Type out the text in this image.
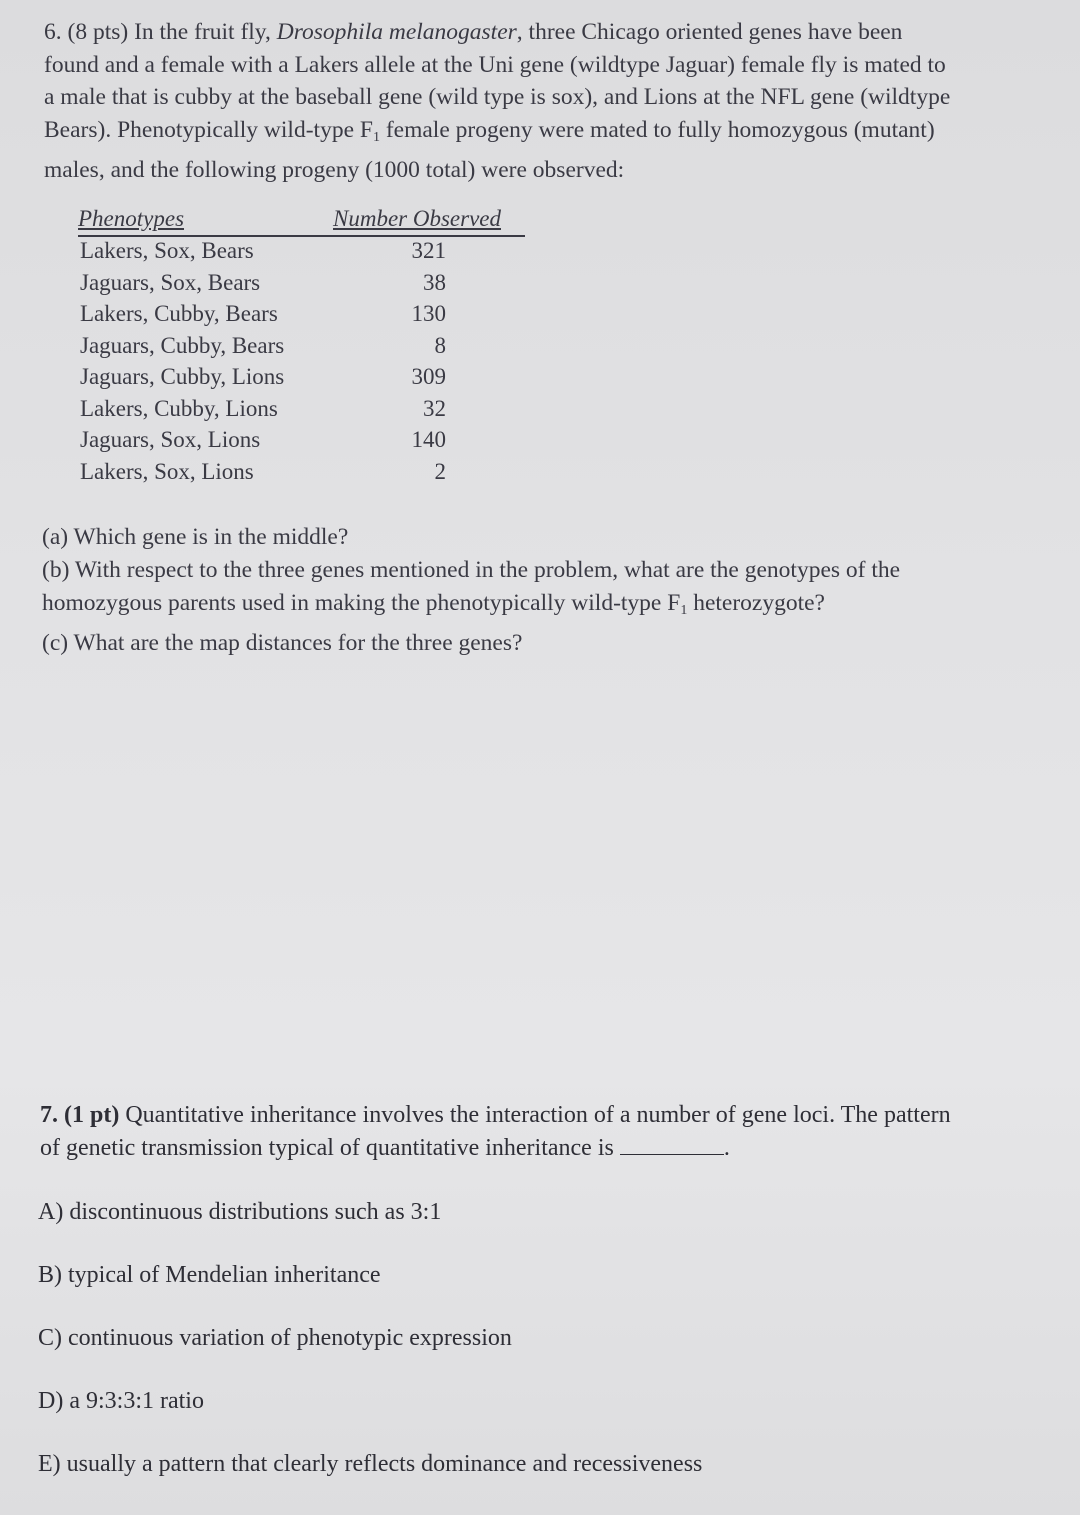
6. (8 pts) In the fruit fly, Drosophila melanogaster, three Chicago oriented genes have been
found and a female with a Lakers allele at the Uni gene (wildtype Jaguar) female fly is mated to
a male that is cubby at the baseball gene (wild type is sox), and Lions at the NFL gene (wildtype
Bears). Phenotypically wild-type $F_1$ female progeny were mated to fully homozygous (mutant)
males, and the following progeny (1000 total) were observed:
Phenotypes	Number Observed
Lakers, Sox, Bears	321
Jaguars, Sox, Bears	38
Lakers, Cubby, Bears	130
Jaguars, Cubby, Bears	8
Jaguars, Cubby, Lions	309
Lakers, Cubby, Lions	32
Jaguars, Sox, Lions	140
Lakers, Sox, Lions	2
(a) Which gene is in the middle?
(b) With respect to the three genes mentioned in the problem, what are the genotypes of the
homozygous parents used in making the phenotypically wild-type $F_1$ heterozygote?
(c) What are the map distances for the three genes?
7. (1 pt) Quantitative inheritance involves the interaction of a number of gene loci. The pattern
of genetic transmission typical of quantitative inheritance is	.
A) discontinuous distributions such as 3:1
B) typical of Mendelian inheritance
C) continuous variation of phenotypic expression
D) a 9:3:3:1 ratio
E) usually a pattern that clearly reflects dominance and recessiveness
